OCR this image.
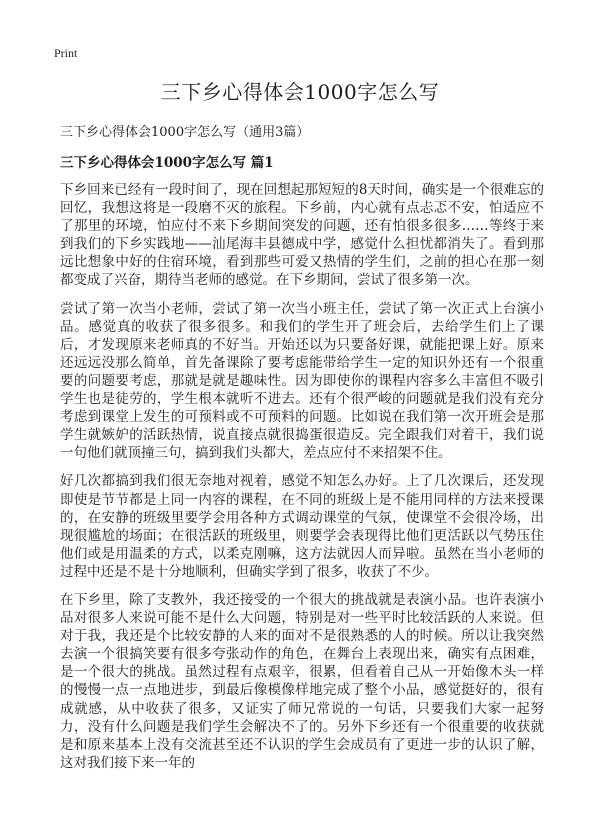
Print
三下乡心得体会1000字怎么写

三下乡心得体会1000字怎么写（通用3篇）

三下乡心得体会1000字怎么写 篇1

下乡回来已经有一段时间了，现在回想起那短短的8天时间，确实是一个很难忘的回忆，我想这将是一段磨不灭的旅程。下乡前，内心就有点忐忑不安，怕适应不了那里的环境，怕应付不来下乡期间突发的问题，还有怕很多很多……等终于来到我们的下乡实践地——汕尾海丰县德成中学，感觉什么担忧都消失了。看到那远比想象中好的住宿环境，看到那些可爱又热情的学生们，之前的担心在那一刻都变成了兴奋，期待当老师的感觉。在下乡期间，尝试了很多第一次。

尝试了第一次当小老师，尝试了第一次当小班主任，尝试了第一次正式上台演小品。感觉真的收获了很多很多。和我们的学生开了班会后，去给学生们上了课后，才发现原来老师真的不好当。开始还以为只要备好课，就能把课上好。原来还远远没那么简单，首先备课除了要考虑能带给学生一定的知识外还有一个很重要的问题要考虑，那就是就是趣味性。因为即使你的课程内容多么丰富但不吸引学生也是徒劳的，学生根本就听不进去。还有个很严峻的问题就是我们没有充分考虑到课堂上发生的可预料或不可预料的问题。比如说在我们第一次开班会是那学生就嫉妒的活跃热情，说直接点就很捣蛋很造反。完全跟我们对着干，我们说一句他们就顶撞三句，搞到我们头都大，差点应付不来招架不住。

好几次都搞到我们很无奈地对视着，感觉不知怎么办好。上了几次课后，还发现即使是节节都是上同一内容的课程，在不同的班级上是不能用同样的方法来授课的，在安静的班级里要学会用各种方式调动课堂的气氛，使课堂不会很冷场，出现很尴尬的场面；在很活跃的班级里，则要学会表现得比他们更活跃以气势压住他们或是用温柔的方式，以柔克刚嘛，这方法就因人而异啦。虽然在当小老师的过程中还是不是十分地顺利，但确实学到了很多，收获了不少。

在下乡里，除了支教外，我还接受的一个很大的挑战就是表演小品。也许表演小品对很多人来说可能不是什么大问题，特别是对一些平时比较活跃的人来说。但对于我，我还是个比较安静的人来的面对不是很熟悉的人的时候。所以让我突然去演一个很搞笑要有很多夸张动作的角色，在舞台上表现出来，确实有点困难，是一个很大的挑战。虽然过程有点艰辛，很累，但看着自己从一开始像木头一样的慢慢一点一点地进步，到最后像模像样地完成了整个小品，感觉挺好的，很有成就感，从中收获了很多，又证实了师兄常说的一句话，只要我们大家一起努力，没有什么问题是我们学生会解决不了的。另外下乡还有一个很重要的收获就是和原来基本上没有交流甚至还不认识的学生会成员有了更进一步的认识了解，这对我们接下来一年的
